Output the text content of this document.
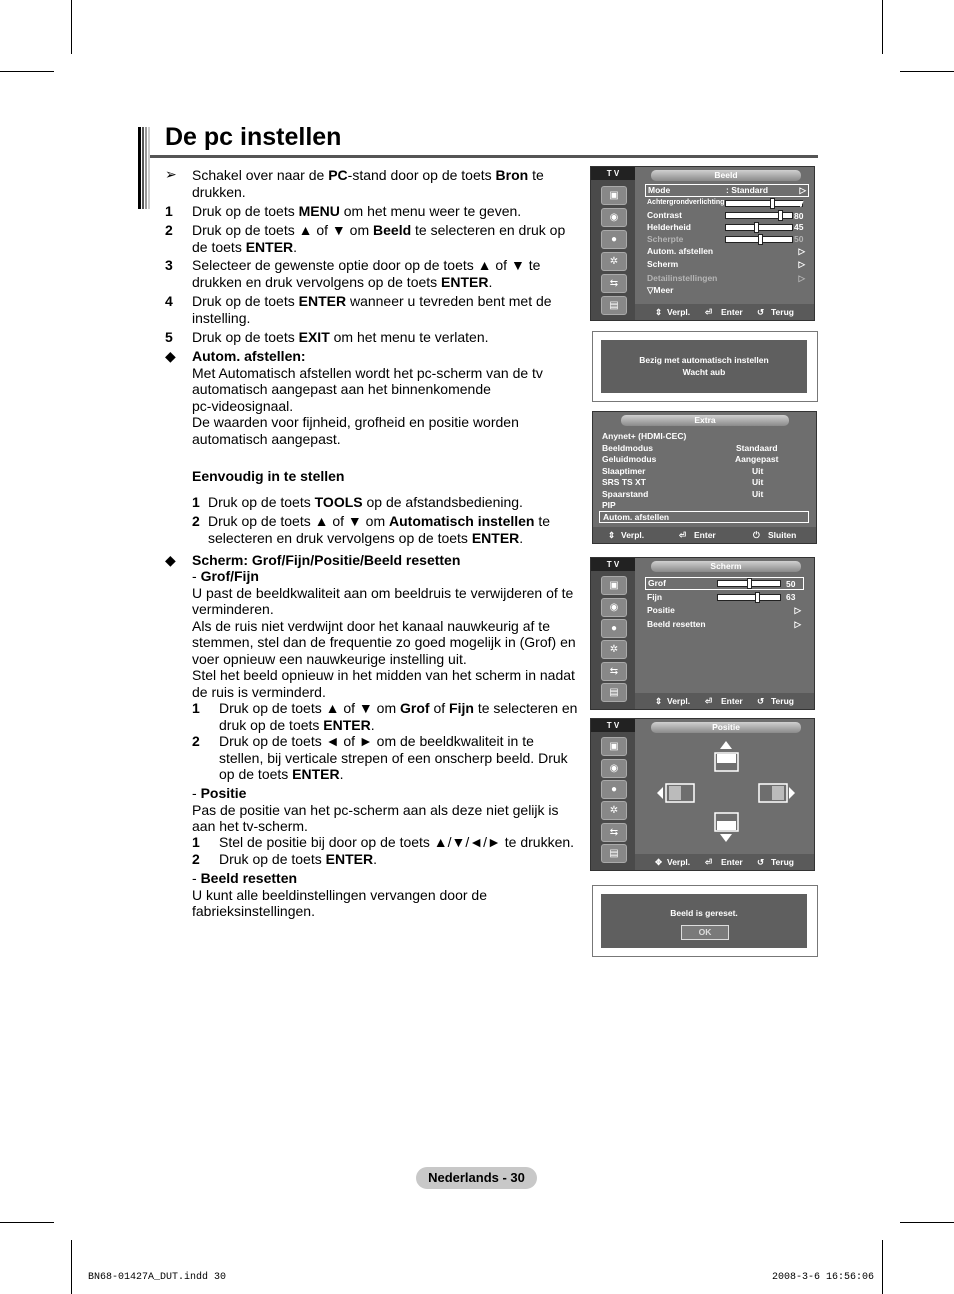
De pc instellen
➢ Schakel over naar de PC-stand door op de toets Bron te
drukken.
1 Druk op de toets MENU om het menu weer te geven.
2 Druk op de toets ▲ of ▼ om Beeld te selecteren en druk op
de toets ENTER.
3 Selecteer de gewenste optie door op de toets ▲ of ▼ te
drukken en druk vervolgens op de toets ENTER.
4 Druk op de toets ENTER wanneer u tevreden bent met de
instelling.
5 Druk op de toets EXIT om het menu te verlaten.
◆ Autom. afstellen:
Met Automatisch afstellen wordt het pc-scherm van de tv
automatisch aangepast aan het binnenkomende
pc-videosignaal.
De waarden voor fijnheid, grofheid en positie worden
automatisch aangepast.
Eenvoudig in te stellen
1 Druk op de toets TOOLS op de afstandsbediening.
2 Druk op de toets ▲ of ▼ om Automatisch instellen te
selecteren en druk vervolgens op de toets ENTER.
◆ Scherm: Grof/Fijn/Positie/Beeld resetten
- Grof/Fijn
U past de beeldkwaliteit aan om beeldruis te verwijderen of te
verminderen.
Als de ruis niet verdwijnt door het kanaal nauwkeurig af te
stemmen, stel dan de frequentie zo goed mogelijk in (Grof) en
voer opnieuw een nauwkeurige instelling uit.
Stel het beeld opnieuw in het midden van het scherm in nadat
de ruis is verminderd.
1 Druk op de toets ▲ of ▼ om Grof of Fijn te selecteren en
druk op de toets ENTER.
2 Druk op de toets ◄ of ► om de beeldkwaliteit in te
stellen, bij verticale strepen of een onscherp beeld. Druk
op de toets ENTER.
- Positie
Pas de positie van het pc-scherm aan als deze niet gelijk is
aan het tv-scherm.
1 Stel de positie bij door op de toets ▲/▼/◄/► te drukken.
2 Druk op de toets ENTER.
- Beeld resetten
U kunt alle beeldinstellingen vervangen door de
fabrieksinstellingen.
T V
▣
◉
●
✲
⇆
▤
Beeld
Mode	: Standard	▷
Achtergrondverlichting	7
Contrast	80
Helderheid	45
Scherpte	50
Autom. afstellen	▷
Scherm	▷
Detailinstellingen	▷
▽Meer
⇕ Verpl. ⏎ Enter ↺ Terug
Bezig met automatisch instellen
Wacht aub
Extra
Anynet+ (HDMI-CEC)
Beeldmodus	Standaard
Geluidmodus	Aangepast
Slaaptimer	Uit
SRS TS XT	Uit
Spaarstand	Uit
PIP
Autom. afstellen
⇕ Verpl.	⏎ Enter	⏻ Sluiten
T V
▣
◉
●
✲
⇆
▤
Scherm
Grof	50
Fijn	63
Positie	▷
Beeld resetten	▷
⇕ Verpl. ⏎ Enter ↺ Terug
T V
▣
◉
●
✲
⇆
▤
Positie
✥ Verpl. ⏎ Enter ↺ Terug
Beeld is gereset.
OK
Nederlands - 30
BN68-01427A_DUT.indd 30	2008-3-6 16:56:06
